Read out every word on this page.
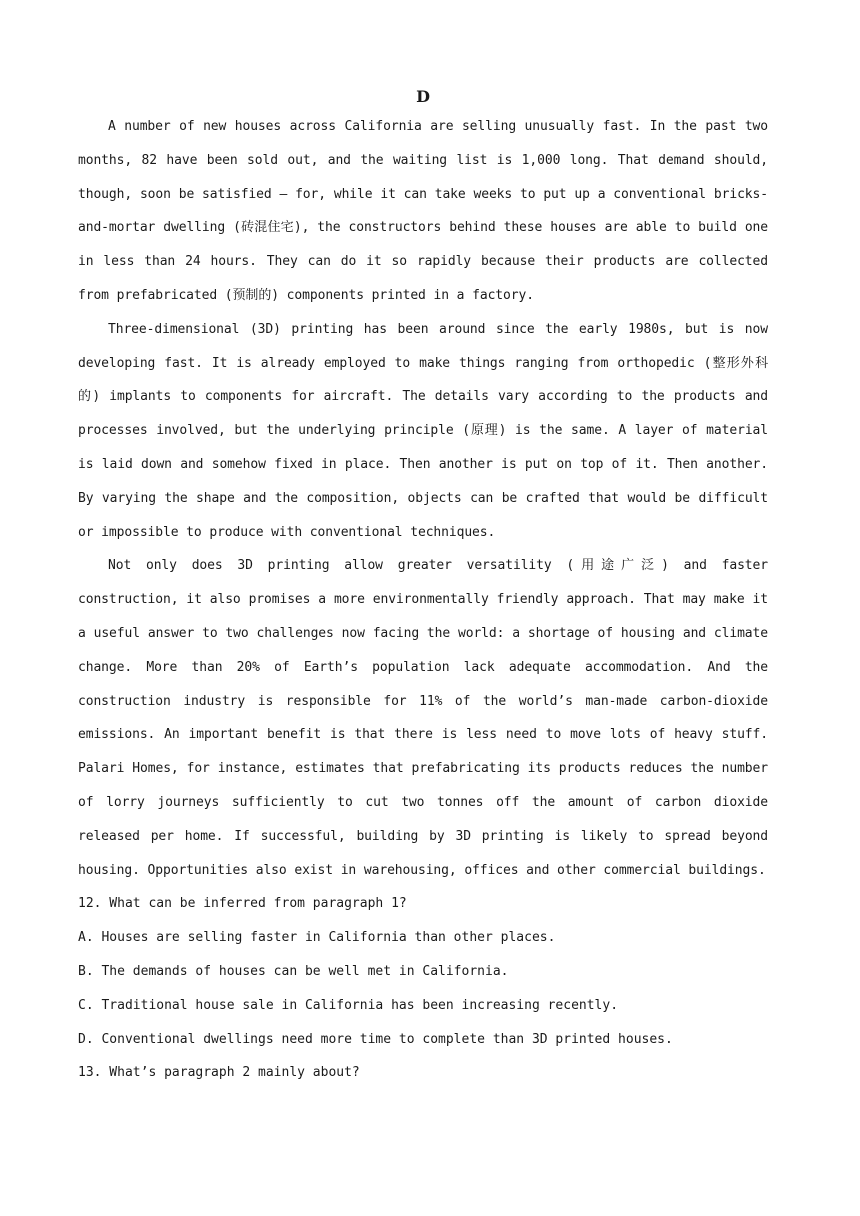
D

A number of new houses across California are selling unusually fast. In the past two months, 82 have been sold out, and the waiting list is 1,000 long. That demand should, though, soon be satisfied — for, while it can take weeks to put up a conventional bricks-and-mortar dwelling (砖混住宅), the constructors behind these houses are able to build one in less than 24 hours. They can do it so rapidly because their products are collected from prefabricated (预制的) components printed in a factory.

Three-dimensional (3D) printing has been around since the early 1980s, but is now developing fast. It is already employed to make things ranging from orthopedic (整形外科的) implants to components for aircraft. The details vary according to the products and processes involved, but the underlying principle (原理) is the same. A layer of material is laid down and somehow fixed in place. Then another is put on top of it. Then another. By varying the shape and the composition, objects can be crafted that would be difficult or impossible to produce with conventional techniques.

Not only does 3D printing allow greater versatility (用途广泛) and faster construction, it also promises a more environmentally friendly approach. That may make it a useful answer to two challenges now facing the world: a shortage of housing and climate change. More than 20% of Earth’s population lack adequate accommodation. And the construction industry is responsible for 11% of the world’s man-made carbon-dioxide emissions. An important benefit is that there is less need to move lots of heavy stuff. Palari Homes, for instance, estimates that prefabricating its products reduces the number of lorry journeys sufficiently to cut two tonnes off the amount of carbon dioxide released per home. If successful, building by 3D printing is likely to spread beyond housing. Opportunities also exist in warehousing, offices and other commercial buildings.

12. What can be inferred from paragraph 1?

A. Houses are selling faster in California than other places.

B. The demands of houses can be well met in California.

C. Traditional house sale in California has been increasing recently.

D. Conventional dwellings need more time to complete than 3D printed houses.

13. What’s paragraph 2 mainly about?
